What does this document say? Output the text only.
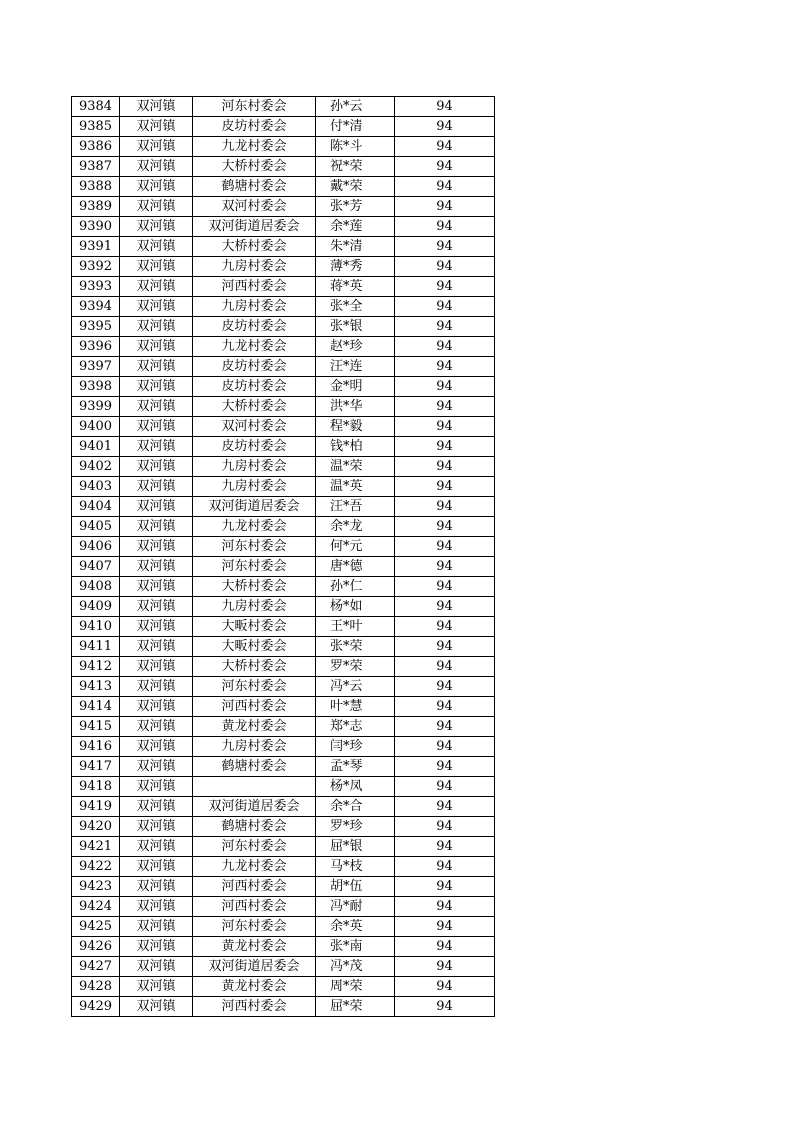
9384	双河镇	河东村委会	孙*云	94
9385	双河镇	皮坊村委会	付*清	94
9386	双河镇	九龙村委会	陈*斗	94
9387	双河镇	大桥村委会	祝*荣	94
9388	双河镇	鹤塘村委会	戴*荣	94
9389	双河镇	双河村委会	张*芳	94
9390	双河镇	双河街道居委会	余*莲	94
9391	双河镇	大桥村委会	朱*清	94
9392	双河镇	九房村委会	薄*秀	94
9393	双河镇	河西村委会	蒋*英	94
9394	双河镇	九房村委会	张*全	94
9395	双河镇	皮坊村委会	张*银	94
9396	双河镇	九龙村委会	赵*珍	94
9397	双河镇	皮坊村委会	汪*连	94
9398	双河镇	皮坊村委会	金*明	94
9399	双河镇	大桥村委会	洪*华	94
9400	双河镇	双河村委会	程*毅	94
9401	双河镇	皮坊村委会	钱*柏	94
9402	双河镇	九房村委会	温*荣	94
9403	双河镇	九房村委会	温*英	94
9404	双河镇	双河街道居委会	汪*吾	94
9405	双河镇	九龙村委会	余*龙	94
9406	双河镇	河东村委会	何*元	94
9407	双河镇	河东村委会	唐*德	94
9408	双河镇	大桥村委会	孙*仁	94
9409	双河镇	九房村委会	杨*如	94
9410	双河镇	大畈村委会	王*叶	94
9411	双河镇	大畈村委会	张*荣	94
9412	双河镇	大桥村委会	罗*荣	94
9413	双河镇	河东村委会	冯*云	94
9414	双河镇	河西村委会	叶*慧	94
9415	双河镇	黄龙村委会	郑*志	94
9416	双河镇	九房村委会	闫*珍	94
9417	双河镇	鹤塘村委会	孟*琴	94
9418	双河镇		杨*凤	94
9419	双河镇	双河街道居委会	余*合	94
9420	双河镇	鹤塘村委会	罗*珍	94
9421	双河镇	河东村委会	屈*银	94
9422	双河镇	九龙村委会	马*枝	94
9423	双河镇	河西村委会	胡*伍	94
9424	双河镇	河西村委会	冯*耐	94
9425	双河镇	河东村委会	余*英	94
9426	双河镇	黄龙村委会	张*南	94
9427	双河镇	双河街道居委会	冯*茂	94
9428	双河镇	黄龙村委会	周*荣	94
9429	双河镇	河西村委会	屈*荣	94
